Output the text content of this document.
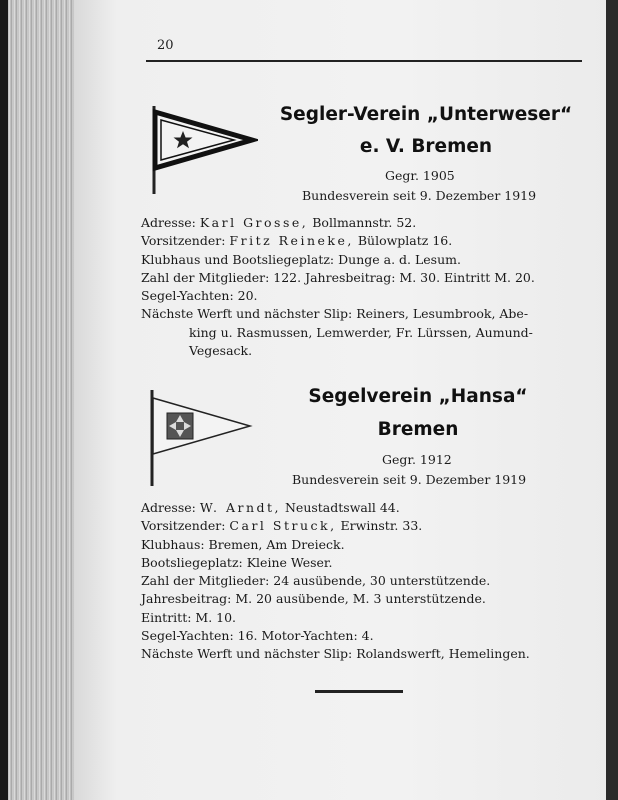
20
Segler-Verein „Unterweser“
e. V. Bremen
Gegr. 1905
Bundesverein seit 9. Dezember 1919
Adresse: Karl Grosse, Bollmannstr. 52.
Vorsitzender: Fritz Reineke, Bülowplatz 16.
Klubhaus und Bootsliegeplatz: Dunge a. d. Lesum.
Zahl der Mitglieder: 122. Jahresbeitrag: M. 30. Eintritt M. 20.
Segel-Yachten: 20.
Nächste Werft und nächster Slip: Reiners, Lesumbrook, Abe-
king u. Rasmussen, Lemwerder, Fr. Lürssen, Aumund-
Vegesack.
Segelverein „Hansa“
Bremen
Gegr. 1912
Bundesverein seit 9. Dezember 1919
Adresse: W. Arndt, Neustadtswall 44.
Vorsitzender: Carl Struck, Erwinstr. 33.
Klubhaus: Bremen, Am Dreieck.
Bootsliegeplatz: Kleine Weser.
Zahl der Mitglieder: 24 ausübende, 30 unterstützende.
Jahresbeitrag: M. 20 ausübende, M. 3 unterstützende.
Eintritt: M. 10.
Segel-Yachten: 16. Motor-Yachten: 4.
Nächste Werft und nächster Slip: Rolandswerft, Hemelingen.
